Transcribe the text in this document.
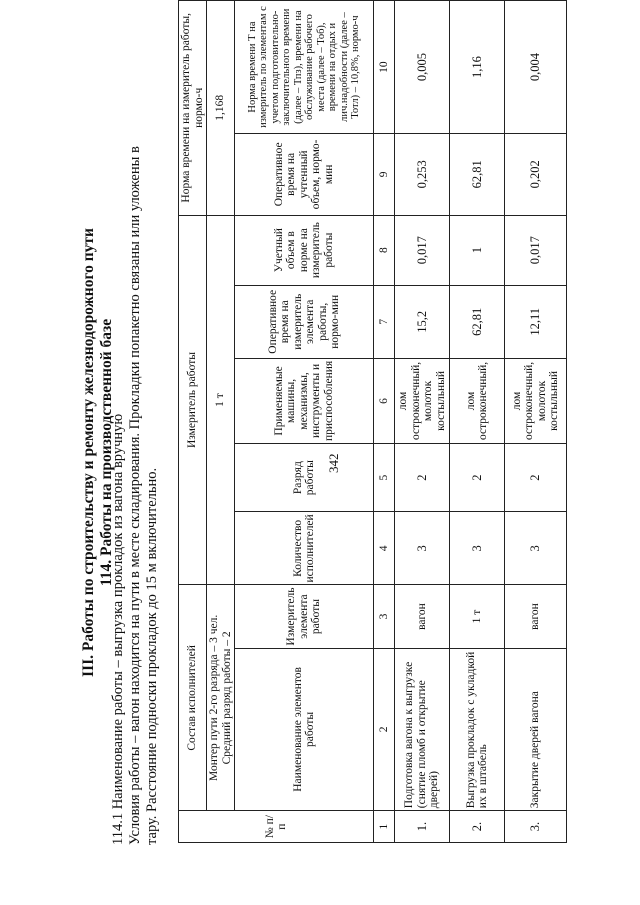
342
III. Работы по строительству и ремонту железнодорожного пути 114. Работы на производственной базе
114.1 Наименование работы – выгрузка прокладок из вагона вручную Условия работы – вагон находится на пути в месте складирования. Прокладки попакетно связаны или уложены в тару. Расстояние подноски прокладок до 15 м включительно.	№ п/п	Состав исполнителей		Измеритель работы					Норма времени на измеритель работы, нормо-ч	

	Монтер пути 2-го разряда – 3 чел. Средний разряд работы – 2		1 т					1,168	
	Наименование элементов работы	Измеритель элемента работы	Количество исполнителей	Разряд работы	Применяемые машины, механизмы, инструменты и приспособления	Оперативное время на измеритель элемента работы, нормо-мин	Учетный объем в норме на измеритель работы	Оперативное время на учтенный объем, нормо-мин	Норма времени Т на измеритель по элементам с учетом подготовительно-заключительного времени (далее – Тпз), времени на обслуживание рабочего места (далее – Тоб), времени на отдых и лич.надобности (далее – Тотл) – 10,8%, нормо-ч
1	2	3	4	5	6	7	8	9	10
1.	Подготовка вагона к выгрузке (снятие пломб и открытие дверей)	вагон	3	2	лом остроконечный, молоток костыльный	15,2	0,017	0,253	0,005
2.	Выгрузка прокладок с укладкой их в штабель	1 т	3	2	лом остроконечный,	62,81	1	62,81	1,16
3.	Закрытие дверей вагона	вагон	3	2	лом остроконечный, молоток костыльный	12,11	0,017	0,202	0,004
